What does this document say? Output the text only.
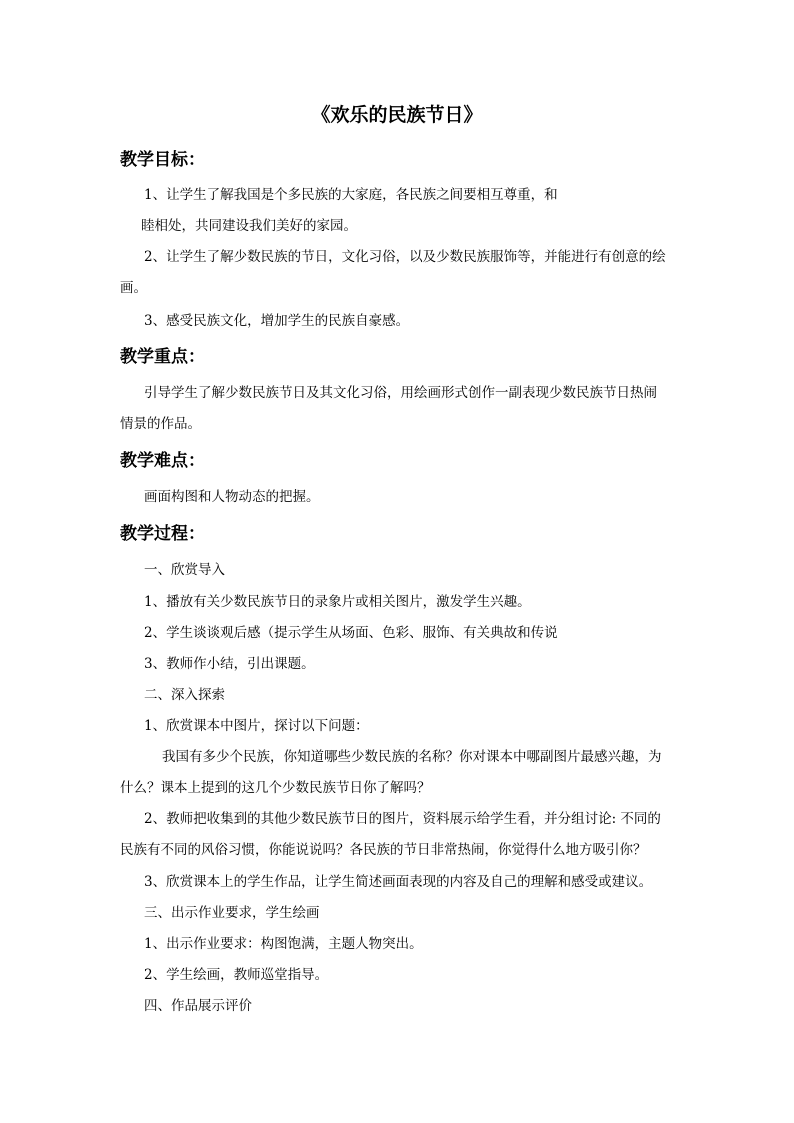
《欢乐的民族节日》
教学目标：
1、让学生了解我国是个多民族的大家庭，各民族之间要相互尊重，和
睦相处，共同建设我们美好的家园。
2、让学生了解少数民族的节日，文化习俗，以及少数民族服饰等，并能进行有创意的绘
画。
3、感受民族文化，增加学生的民族自豪感。
教学重点：
引导学生了解少数民族节日及其文化习俗，用绘画形式创作一副表现少数民族节日热闹
情景的作品。
教学难点：
画面构图和人物动态的把握。
教学过程：
一、欣赏导入
1、播放有关少数民族节日的录象片或相关图片，激发学生兴趣。
2、学生谈谈观后感（提示学生从场面、色彩、服饰、有关典故和传说
3、教师作小结，引出课题。
二、深入探索
1、欣赏课本中图片，探讨以下问题：
我国有多少个民族，你知道哪些少数民族的名称？你对课本中哪副图片最感兴趣，为
什么？课本上提到的这几个少数民族节日你了解吗？
2、教师把收集到的其他少数民族节日的图片，资料展示给学生看，并分组讨论: 不同的
民族有不同的风俗习惯，你能说说吗？各民族的节日非常热闹，你觉得什么地方吸引你？
3、欣赏课本上的学生作品，让学生简述画面表现的内容及自己的理解和感受或建议。
三、出示作业要求，学生绘画
1、出示作业要求：构图饱满，主题人物突出。
2、学生绘画，教师巡堂指导。
四、作品展示评价
